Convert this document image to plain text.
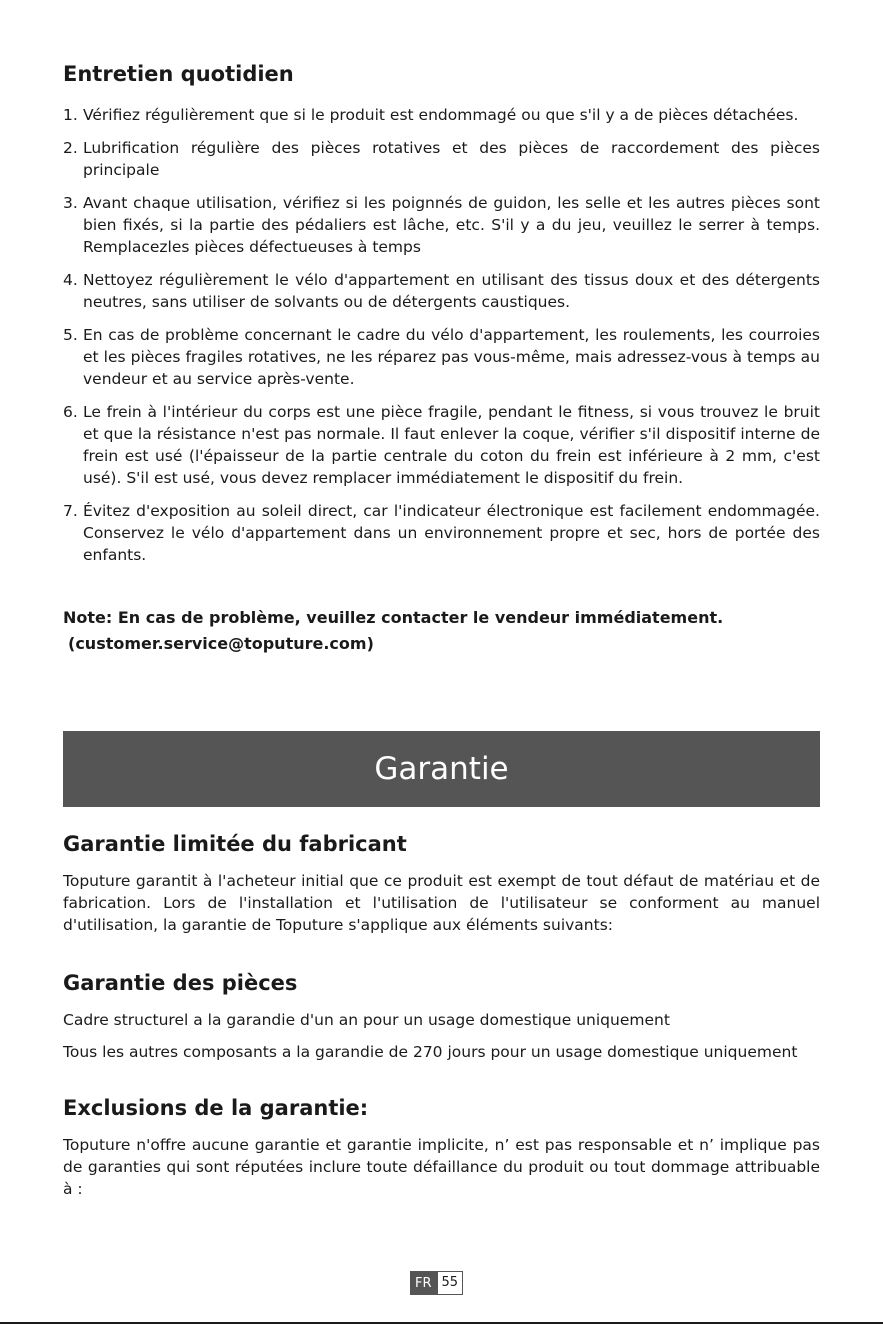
Entretien quotidien
1. Vérifiez régulièrement que si le produit est endommagé ou que s'il y a de pièces détachées.
2. Lubrification régulière des pièces rotatives et des pièces de raccordement des pièces principale
3. Avant chaque utilisation, vérifiez si les poignnés de guidon, les selle et les autres pièces sont bien fixés, si la partie des pédaliers est lâche, etc. S'il y a du jeu, veuillez le serrer à temps. Remplacezles pièces défectueuses à temps
4. Nettoyez régulièrement le vélo d'appartement en utilisant des tissus doux et des détergents neutres, sans utiliser de solvants ou de détergents caustiques.
5. En cas de problème concernant le cadre du vélo d'appartement, les roulements, les courroies et les pièces fragiles rotatives, ne les réparez pas vous-même, mais adressez-vous à temps au vendeur et au service après-vente.
6. Le frein à l'intérieur du corps est une pièce fragile, pendant le fitness, si vous trouvez le bruit et que la résistance n'est pas normale. Il faut enlever la coque, vérifier s'il dispositif interne de frein est usé (l'épaisseur de la partie centrale du coton du frein est inférieure à 2 mm, c'est usé). S'il est usé, vous devez remplacer immédiatement le dispositif du frein.
7. Évitez d'exposition au soleil direct, car l'indicateur électronique est facilement endommagée. Conservez le vélo d'appartement dans un environnement propre et sec, hors de portée des enfants.
Note: En cas de problème, veuillez contacter le vendeur immédiatement.
(customer.service@toputure.com)
Garantie
Garantie limitée du fabricant

Toputure garantit à l'acheteur initial que ce produit est exempt de tout défaut de matériau et de fabrication. Lors de l'installation et l'utilisation de l'utilisateur se conforment au manuel d'utilisation, la garantie de Toputure s'applique aux éléments suivants:

Garantie des pièces

Cadre structurel a la garandie d'un an pour un usage domestique uniquement

Tous les autres composants a la garandie de 270 jours pour un usage domestique uniquement

Exclusions de la garantie:

Toputure n'offre aucune garantie et garantie implicite, n’ est pas responsable et n’ implique pas de garanties qui sont réputées inclure toute défaillance du produit ou tout dommage attribuable à :

FR 55
